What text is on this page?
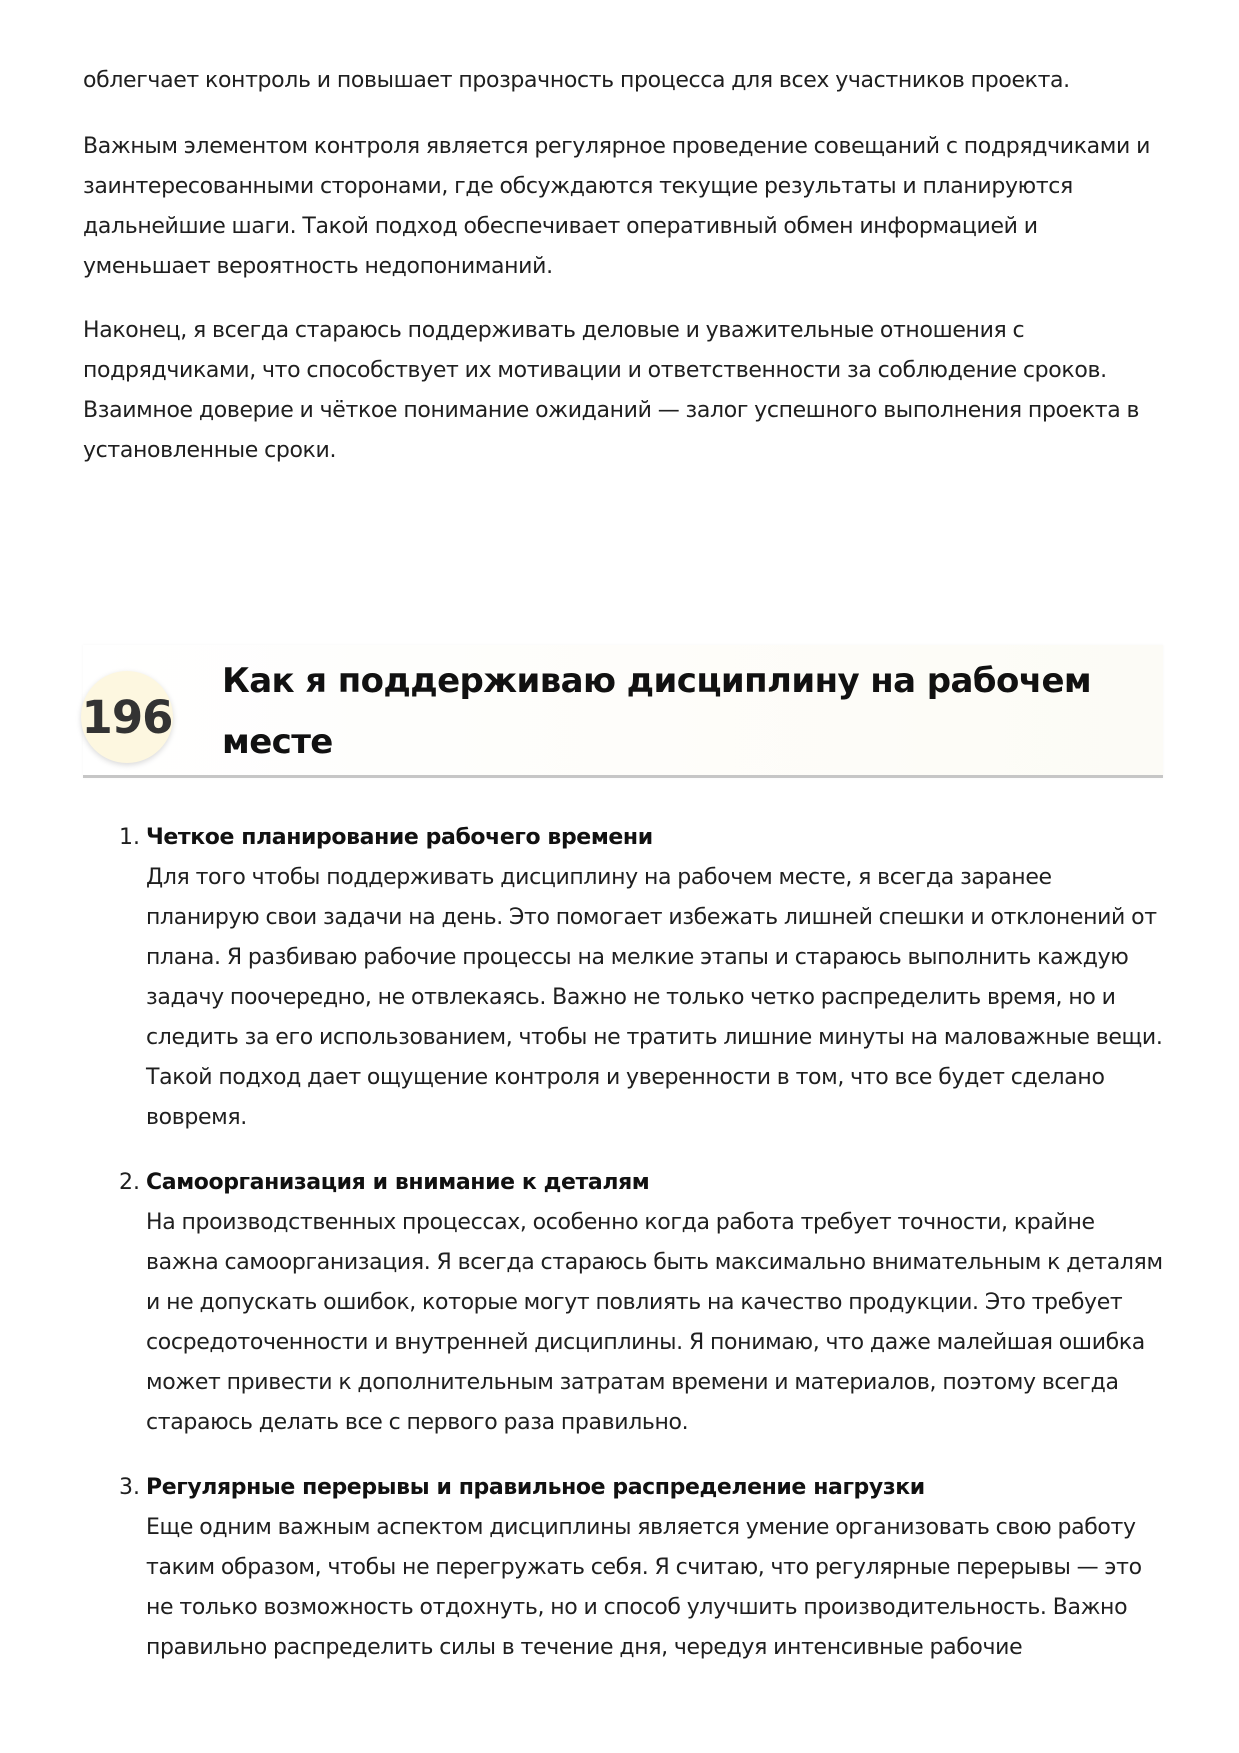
облегчает контроль и повышает прозрачность процесса для всех участников проекта.

Важным элементом контроля является регулярное проведение совещаний с подрядчиками и заинтересованными сторонами, где обсуждаются текущие результаты и планируются дальнейшие шаги. Такой подход обеспечивает оперативный обмен информацией и уменьшает вероятность недопониманий.

Наконец, я всегда стараюсь поддерживать деловые и уважительные отношения с подрядчиками, что способствует их мотивации и ответственности за соблюдение сроков. Взаимное доверие и чёткое понимание ожиданий — залог успешного выполнения проекта в установленные сроки.

196
Как я поддерживаю дисциплину на рабочем месте
1. Четкое планирование рабочего времени

Для того чтобы поддерживать дисциплину на рабочем месте, я всегда заранее планирую свои задачи на день. Это помогает избежать лишней спешки и отклонений от плана. Я разбиваю рабочие процессы на мелкие этапы и стараюсь выполнить каждую задачу поочередно, не отвлекаясь. Важно не только четко распределить время, но и следить за его использованием, чтобы не тратить лишние минуты на маловажные вещи. Такой подход дает ощущение контроля и уверенности в том, что все будет сделано вовремя.

2. Самоорганизация и внимание к деталям

На производственных процессах, особенно когда работа требует точности, крайне важна самоорганизация. Я всегда стараюсь быть максимально внимательным к деталям и не допускать ошибок, которые могут повлиять на качество продукции. Это требует сосредоточенности и внутренней дисциплины. Я понимаю, что даже малейшая ошибка может привести к дополнительным затратам времени и материалов, поэтому всегда стараюсь делать все с первого раза правильно.

3. Регулярные перерывы и правильное распределение нагрузки

Еще одним важным аспектом дисциплины является умение организовать свою работу таким образом, чтобы не перегружать себя. Я считаю, что регулярные перерывы — это не только возможность отдохнуть, но и способ улучшить производительность. Важно правильно распределить силы в течение дня, чередуя интенсивные рабочие
